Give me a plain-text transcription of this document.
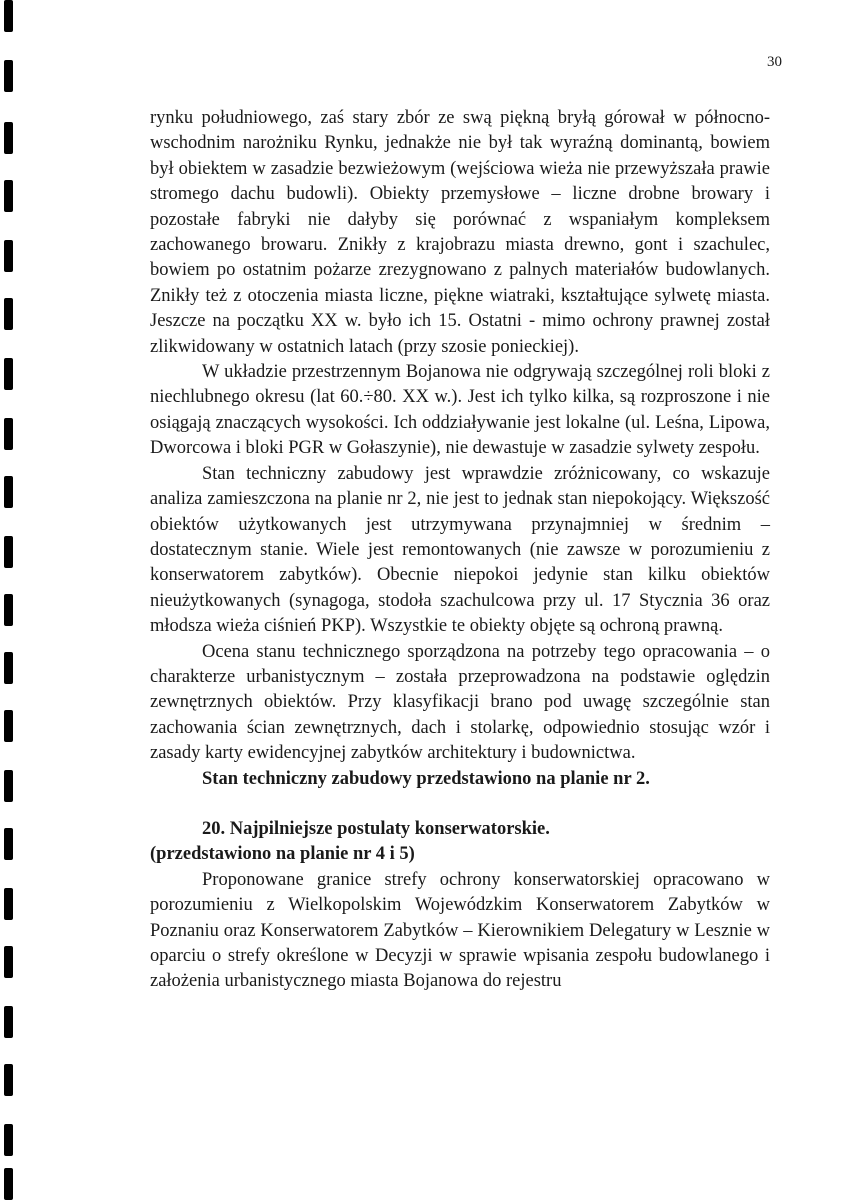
30

rynku południowego, zaś stary zbór ze swą piękną bryłą górował w północno-wschodnim narożniku Rynku, jednakże nie był tak wyraźną dominantą, bowiem był obiektem w zasadzie bezwieżowym (wejściowa wieża nie przewyższała prawie stromego dachu budowli). Obiekty przemysłowe – liczne drobne browary i pozostałe fabryki nie dałyby się porównać z wspaniałym kompleksem zachowanego browaru. Znikły z krajobrazu miasta drewno, gont i szachulec, bowiem po ostatnim pożarze zrezygnowano z palnych materiałów budowlanych. Znikły też z otoczenia miasta liczne, piękne wiatraki, kształtujące sylwetę miasta. Jeszcze na początku XX w. było ich 15. Ostatni - mimo ochrony prawnej został zlikwidowany w ostatnich latach (przy szosie ponieckiej).

W układzie przestrzennym Bojanowa nie odgrywają szczególnej roli bloki z niechlubnego okresu (lat 60.÷80. XX w.). Jest ich tylko kilka, są rozproszone i nie osiągają znaczących wysokości. Ich oddziaływanie jest lokalne (ul. Leśna, Lipowa, Dworcowa i bloki PGR w Gołaszynie), nie dewastuje w zasadzie sylwety zespołu.

Stan techniczny zabudowy jest wprawdzie zróżnicowany, co wskazuje analiza zamieszczona na planie nr 2, nie jest to jednak stan niepokojący. Większość obiektów użytkowanych jest utrzymywana przynajmniej w średnim – dostatecznym stanie. Wiele jest remontowanych (nie zawsze w porozumieniu z konserwatorem zabytków). Obecnie niepokoi jedynie stan kilku obiektów nieużytkowanych (synagoga, stodoła szachulcowa przy ul. 17 Stycznia 36 oraz młodsza wieża ciśnień PKP). Wszystkie te obiekty objęte są ochroną prawną.

Ocena stanu technicznego sporządzona na potrzeby tego opracowania – o charakterze urbanistycznym – została przeprowadzona na podstawie oględzin zewnętrznych obiektów. Przy klasyfikacji brano pod uwagę szczególnie stan zachowania ścian zewnętrznych, dach i stolarkę, odpowiednio stosując wzór i zasady karty ewidencyjnej zabytków architektury i budownictwa.

Stan techniczny zabudowy przedstawiono na planie nr 2.

20. Najpilniejsze postulaty konserwatorskie.
(przedstawiono na planie nr 4 i 5)

Proponowane granice strefy ochrony konserwatorskiej opracowano w porozumieniu z Wielkopolskim Wojewódzkim Konserwatorem Zabytków w Poznaniu oraz Konserwatorem Zabytków – Kierownikiem Delegatury w Lesznie w oparciu o strefy określone w Decyzji w sprawie wpisania zespołu budowlanego i założenia urbanistycznego miasta Bojanowa do rejestru
